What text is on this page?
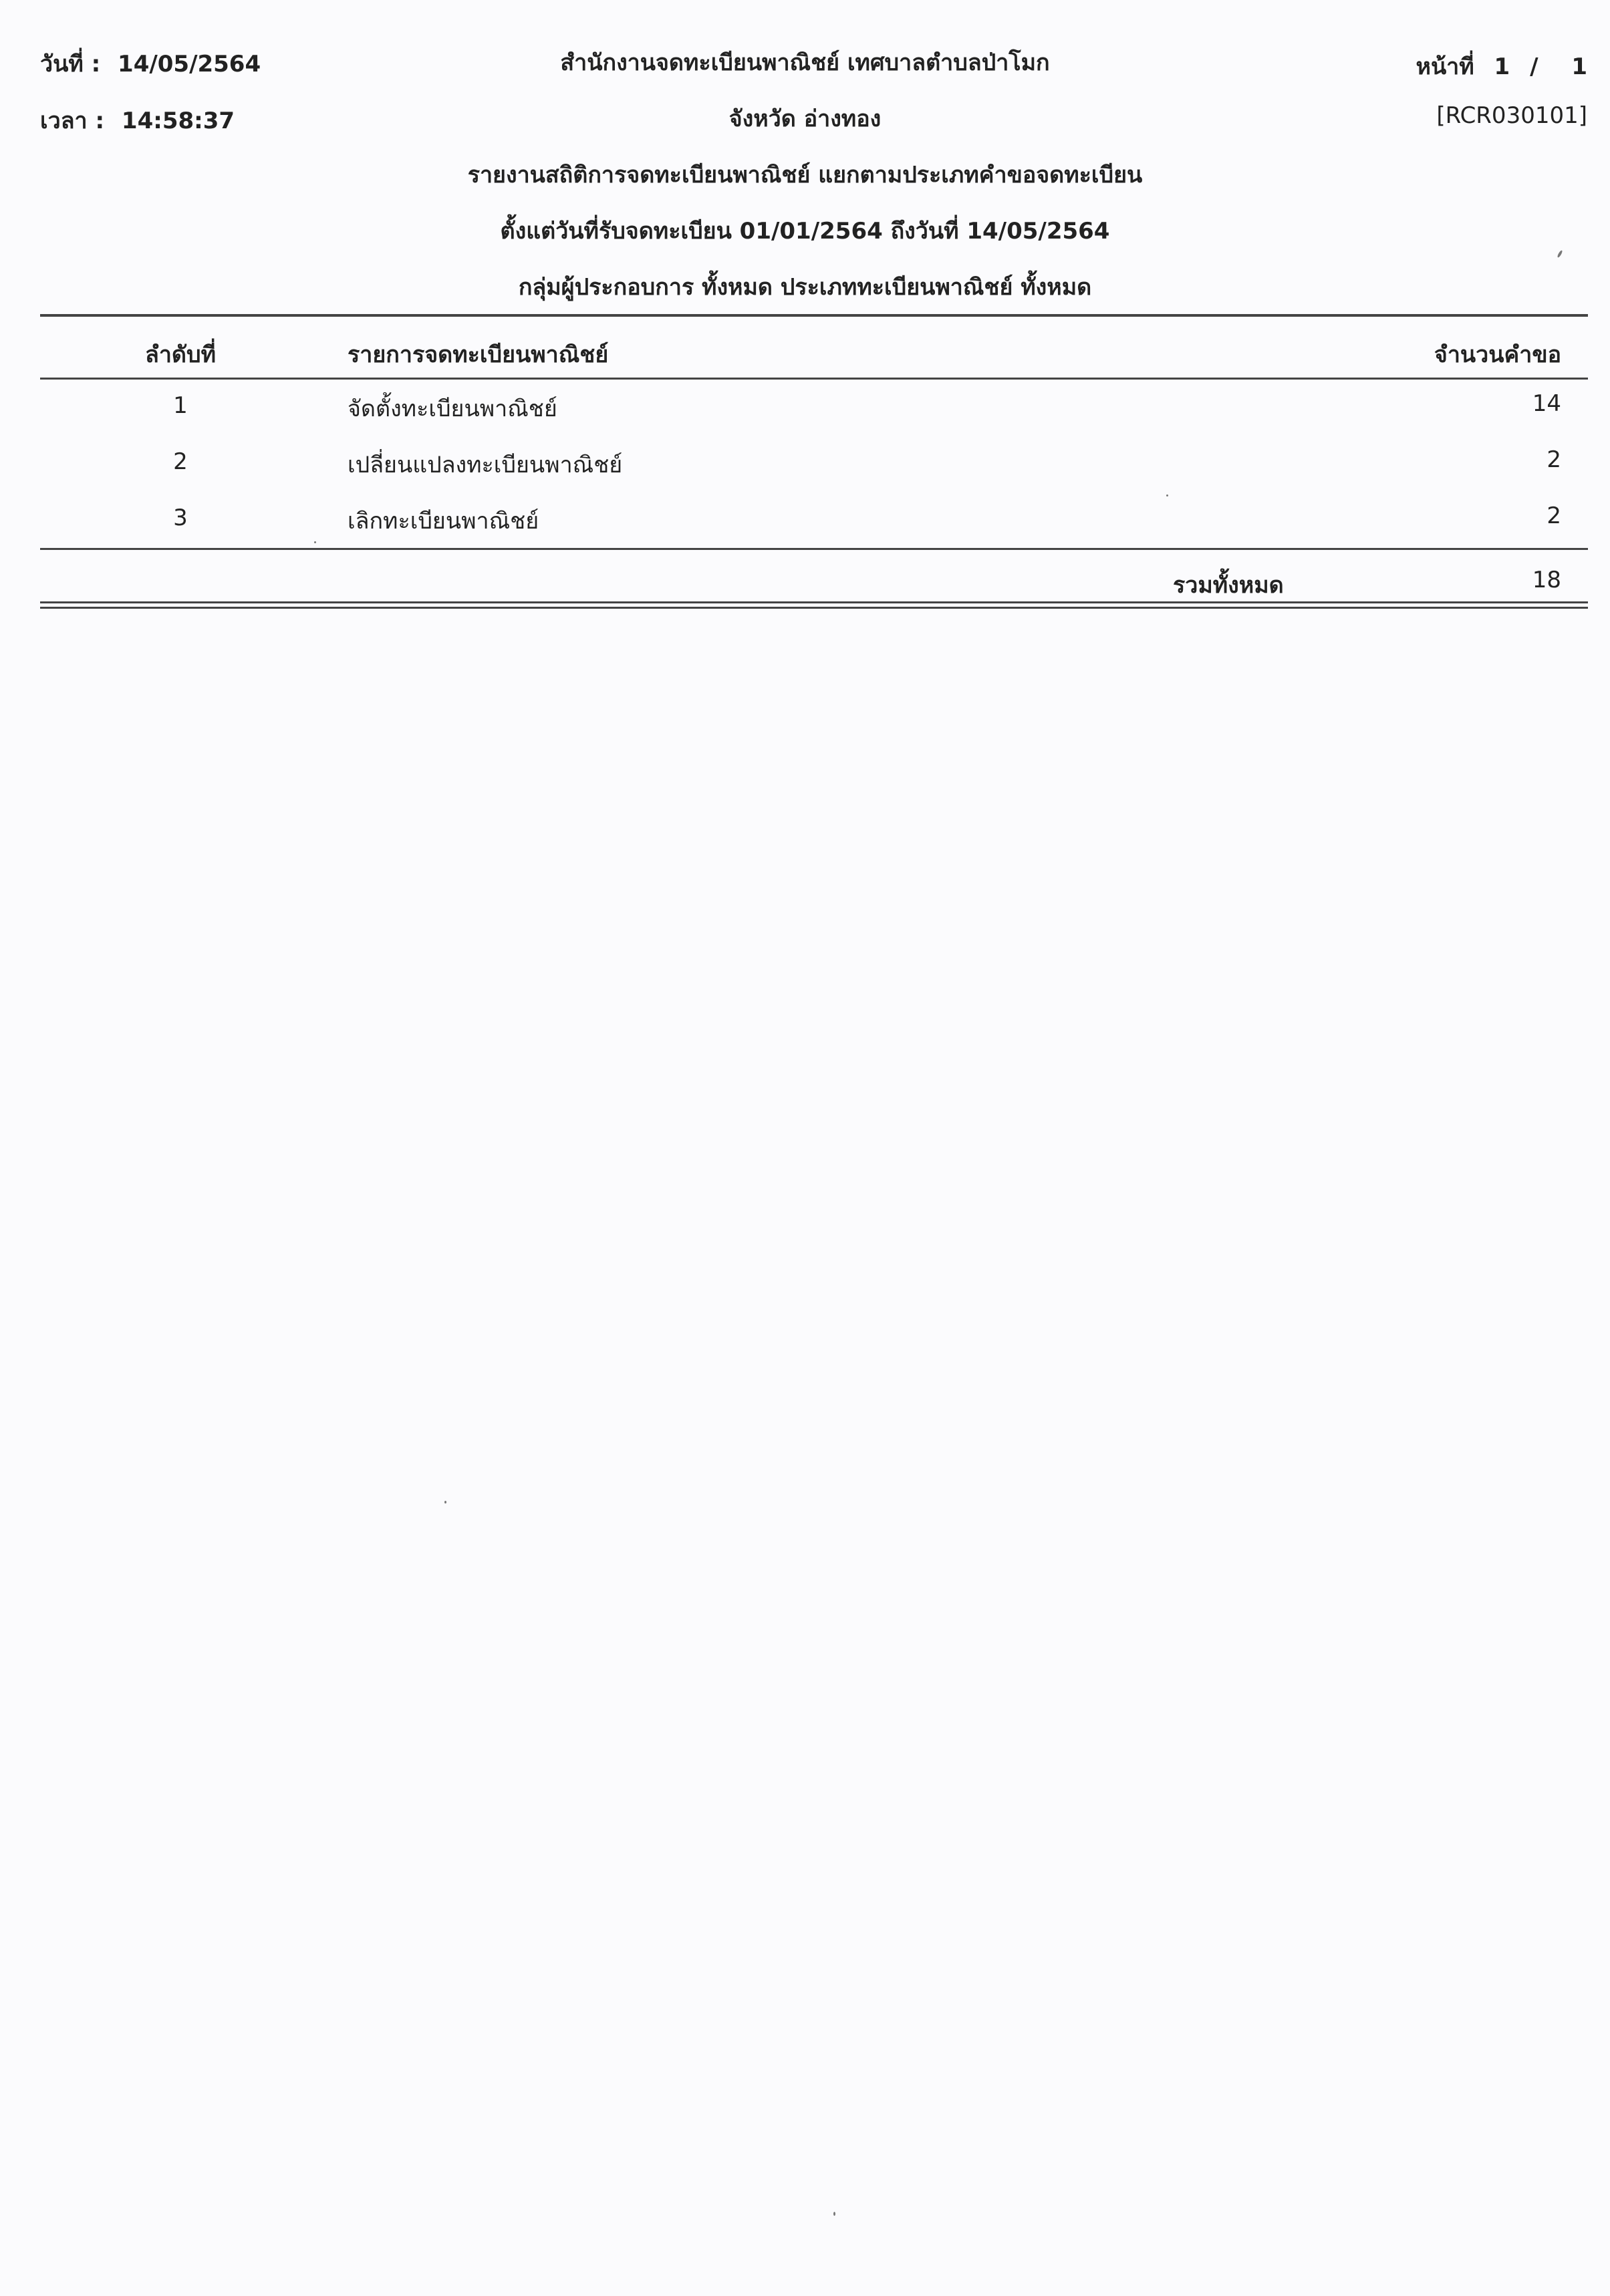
วันที่ : 14/05/2564
เวลา : 14:58:37
หน้าที่ 1 / 1
[RCR030101]
สำนักงานจดทะเบียนพาณิชย์ เทศบาลตำบลป่าโมก
จังหวัด อ่างทอง
รายงานสถิติการจดทะเบียนพาณิชย์ แยกตามประเภทคำขอจดทะเบียน
ตั้งแต่วันที่รับจดทะเบียน 01/01/2564 ถึงวันที่ 14/05/2564
กลุ่มผู้ประกอบการ ทั้งหมด ประเภททะเบียนพาณิชย์ ทั้งหมด
ลำดับที่	รายการจดทะเบียนพาณิชย์	จำนวนคำขอ
1	จัดตั้งทะเบียนพาณิชย์	14
2	เปลี่ยนแปลงทะเบียนพาณิชย์	2
3	เลิกทะเบียนพาณิชย์	2
รวมทั้งหมด	18
